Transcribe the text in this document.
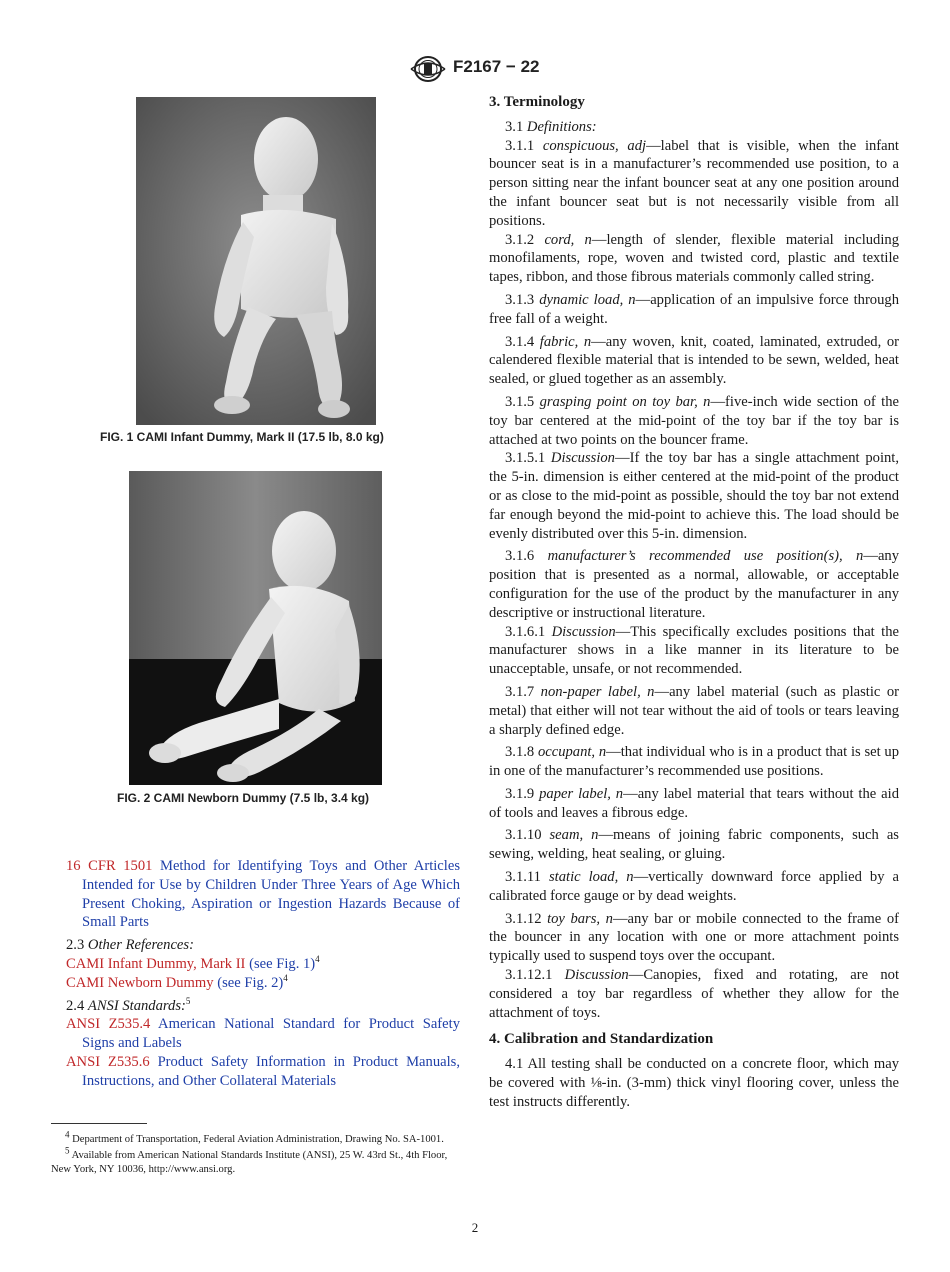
F2167 − 22
FIG. 1 CAMI Infant Dummy, Mark II (17.5 lb, 8.0 kg)
FIG. 2 CAMI Newborn Dummy (7.5 lb, 3.4 kg)

16 CFR 1501 Method for Identifying Toys and Other Articles Intended for Use by Children Under Three Years of Age Which Present Choking, Aspiration or Ingestion Hazards Because of Small Parts

2.3 Other References:

CAMI Infant Dummy, Mark II (see Fig. 1)$^4$

CAMI Newborn Dummy (see Fig. 2)$^4$

2.4 ANSI Standards:$^5$

ANSI Z535.4 American National Standard for Product Safety Signs and Labels

ANSI Z535.6 Product Safety Information in Product Manuals, Instructions, and Other Collateral Materials

$^4$ Department of Transportation, Federal Aviation Administration, Drawing No. SA-1001.

$^5$ Available from American National Standards Institute (ANSI), 25 W. 43rd St., 4th Floor, New York, NY 10036, http://www.ansi.org.

3. Terminology

3.1 Definitions:

3.1.1 conspicuous, adj—label that is visible, when the infant bouncer seat is in a manufacturer’s recommended use position, to a person sitting near the infant bouncer seat at any one position around the infant bouncer seat but is not necessarily visible from all positions.

3.1.2 cord, n—length of slender, flexible material including monofilaments, rope, woven and twisted cord, plastic and textile tapes, ribbon, and those fibrous materials commonly called string.

3.1.3 dynamic load, n—application of an impulsive force through free fall of a weight.

3.1.4 fabric, n—any woven, knit, coated, laminated, extruded, or calendered flexible material that is intended to be sewn, welded, heat sealed, or glued together as an assembly.

3.1.5 grasping point on toy bar, n—five-inch wide section of the toy bar centered at the mid-point of the toy bar if the toy bar is attached at two points on the bouncer frame.

3.1.5.1 Discussion—If the toy bar has a single attachment point, the 5-in. dimension is either centered at the mid-point of the product or as close to the mid-point as possible, should the toy bar not extend far enough beyond the mid-point to achieve this. The load should be evenly distributed over this 5-in. dimension.

3.1.6 manufacturer’s recommended use position(s), n—any position that is presented as a normal, allowable, or acceptable configuration for the use of the product by the manufacturer in any descriptive or instructional literature.

3.1.6.1 Discussion—This specifically excludes positions that the manufacturer shows in a like manner in its literature to be unacceptable, unsafe, or not recommended.

3.1.7 non-paper label, n—any label material (such as plastic or metal) that either will not tear without the aid of tools or tears leaving a sharply defined edge.

3.1.8 occupant, n—that individual who is in a product that is set up in one of the manufacturer’s recommended use positions.

3.1.9 paper label, n—any label material that tears without the aid of tools and leaves a fibrous edge.

3.1.10 seam, n—means of joining fabric components, such as sewing, welding, heat sealing, or gluing.

3.1.11 static load, n—vertically downward force applied by a calibrated force gauge or by dead weights.

3.1.12 toy bars, n—any bar or mobile connected to the frame of the bouncer in any location with one or more attachment points typically used to suspend toys over the occupant.

3.1.12.1 Discussion—Canopies, fixed and rotating, are not considered a toy bar regardless of whether they allow for the attachment of toys.

4. Calibration and Standardization

4.1 All testing shall be conducted on a concrete floor, which may be covered with ⅛-in. (3-mm) thick vinyl flooring cover, unless the test instructs differently.

2
